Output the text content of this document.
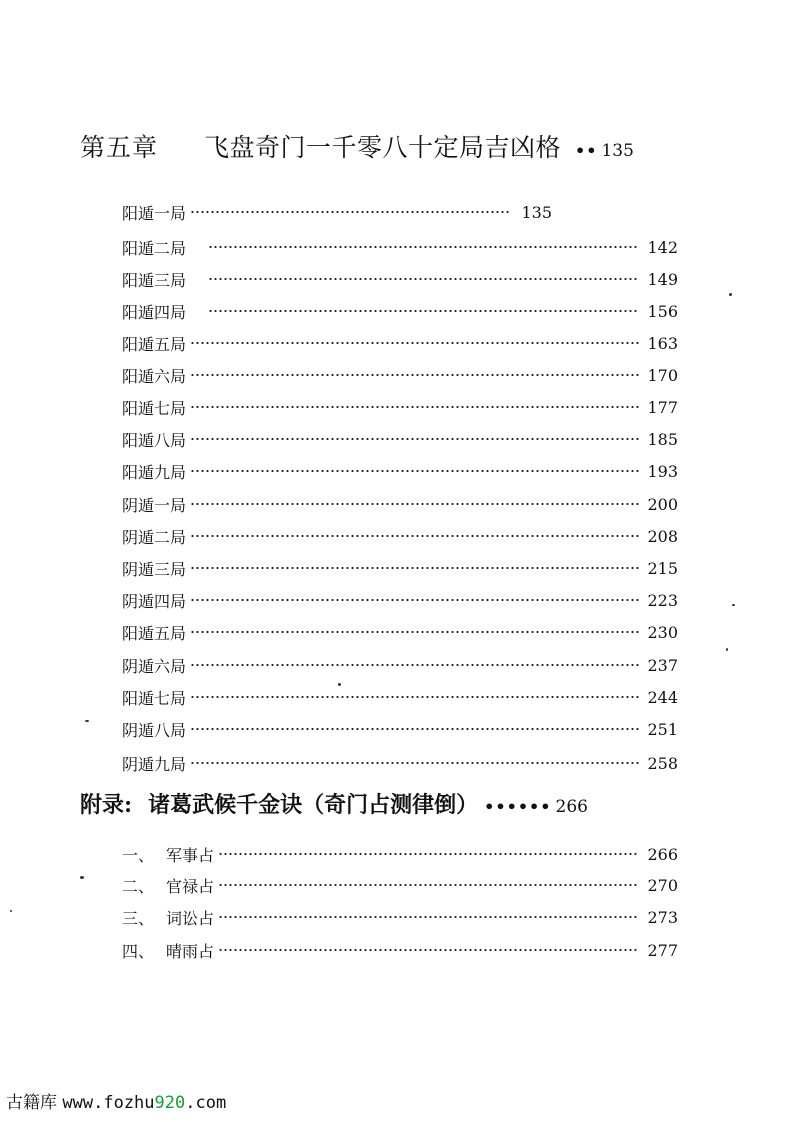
第五章 飞盘奇门一千零八十定局吉凶格 •• 135
阳遁一局	135
阳遁二局	142
阳遁三局	149
阳遁四局	156
阳遁五局	163
阳遁六局	170
阳遁七局	177
阳遁八局	185
阳遁九局	193
阴遁一局	200
阴遁二局	208
阴遁三局	215
阴遁四局	223
阳遁五局	230
阴遁六局	237
阳遁七局	244
阴遁八局	251
阴遁九局	258
附录: 诸葛武候千金诀（奇门占测律倒） •••••• 266
一、 军事占	266
二、 官禄占	270
三、 词讼占	273
四、 晴雨占	277
古籍库 www.fozhu920.com
